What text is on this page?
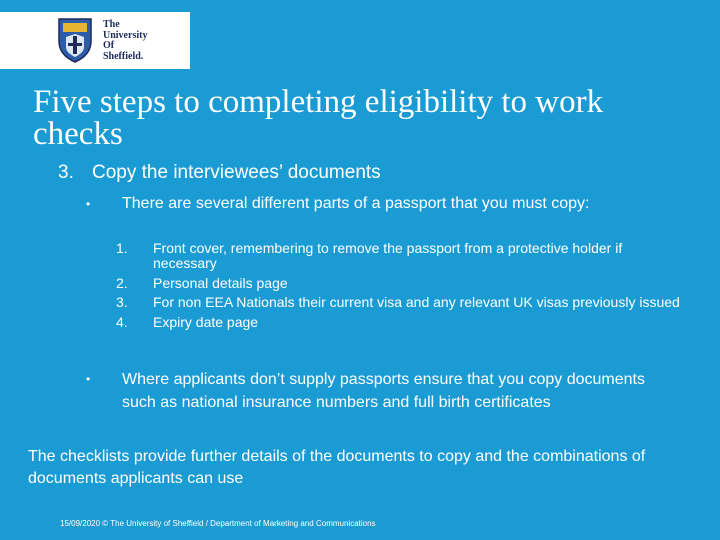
The
University
Of
Sheffield.
Five steps to completing eligibility to work checks
3. Copy the interviewees’ documents
• There are several different parts of a passport that you must copy:
1.	Front cover, remembering to remove the passport from a protective holder if necessary
2.	Personal details page
3.	For non EEA Nationals their current visa and any relevant UK visas previously issued
4.	Expiry date page
• Where applicants don’t supply passports ensure that you copy documents such as national insurance numbers and full birth certificates
The checklists provide further details of the documents to copy and the combinations of documents applicants can use
15/09/2020 © The University of Sheffield / Department of Marketing and Communications
